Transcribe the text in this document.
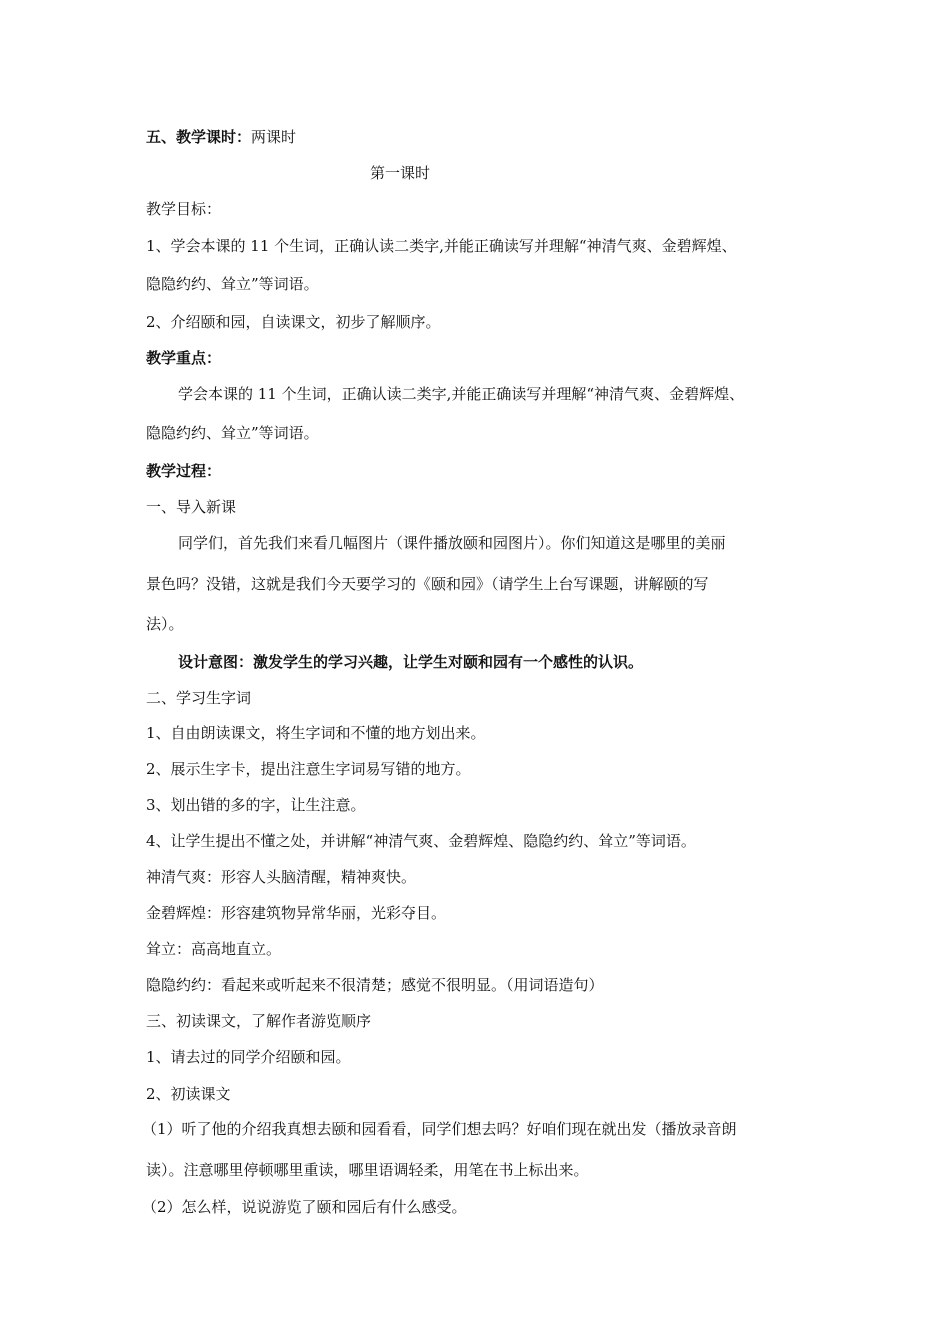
五、教学课时：两课时
第一课时
教学目标：
1、学会本课的 11 个生词，正确认读二类字,并能正确读写并理解“神清气爽、金碧辉煌、
隐隐约约、耸立”等词语。
2、介绍颐和园，自读课文，初步了解顺序。
教学重点：
学会本课的 11 个生词，正确认读二类字,并能正确读写并理解“神清气爽、金碧辉煌、
隐隐约约、耸立”等词语。
教学过程：
一、导入新课
同学们，首先我们来看几幅图片（课件播放颐和园图片）。你们知道这是哪里的美丽
景色吗？没错，这就是我们今天要学习的《颐和园》（请学生上台写课题，讲解颐的写
法）。
设计意图：激发学生的学习兴趣，让学生对颐和园有一个感性的认识。
二、学习生字词
1、自由朗读课文，将生字词和不懂的地方划出来。
2、展示生字卡，提出注意生字词易写错的地方。
3、划出错的多的字，让生注意。
4、让学生提出不懂之处，并讲解“神清气爽、金碧辉煌、隐隐约约、耸立”等词语。
神清气爽：形容人头脑清醒，精神爽快。
金碧辉煌：形容建筑物异常华丽，光彩夺目。
耸立：高高地直立。
隐隐约约：看起来或听起来不很清楚；感觉不很明显。（用词语造句）
三、初读课文，了解作者游览顺序
1、请去过的同学介绍颐和园。
2、初读课文
（1）听了他的介绍我真想去颐和园看看，同学们想去吗？好咱们现在就出发（播放录音朗
读）。注意哪里停顿哪里重读，哪里语调轻柔，用笔在书上标出来。
（2）怎么样，说说游览了颐和园后有什么感受。
